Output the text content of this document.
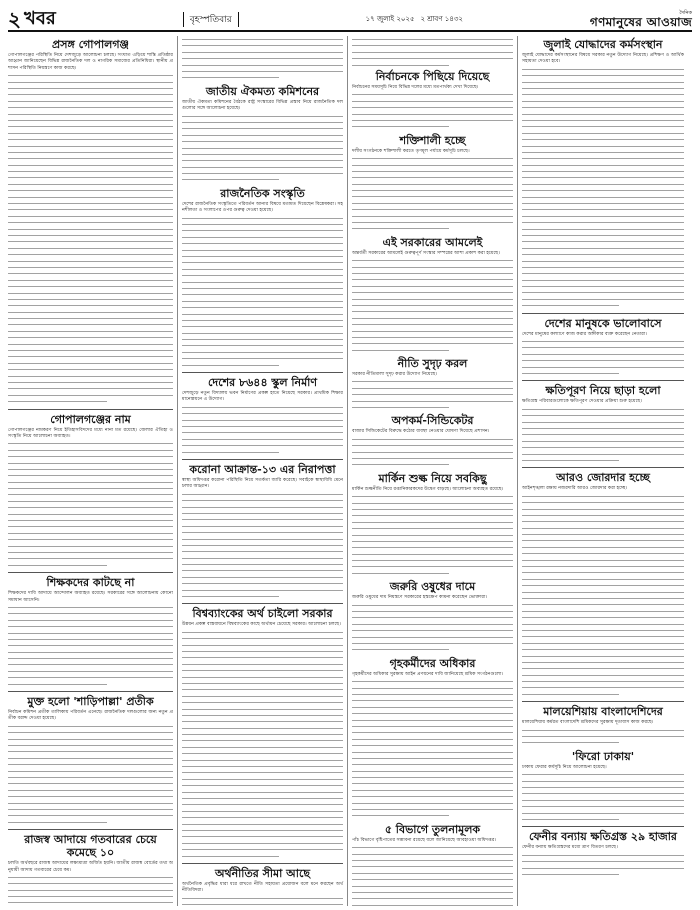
২ খবর	বৃহস্পতিবার	১৭ জুলাই ২০২৫ ২ শ্রাবণ ১৪৩২
দৈনিক
গণমানুষের আওয়াজ
প্রসঙ্গ গোপালগঞ্জ
গোপালগঞ্জের পরিস্থিতি নিয়ে দেশজুড়ে আলোচনা চলছে। সংঘাত এড়িয়ে শান্তি প্রতিষ্ঠার আহ্বান জানিয়েছেন বিভিন্ন রাজনৈতিক দল ও নাগরিক সমাজের প্রতিনিধিরা। স্থানীয় প্রশাসন পরিস্থিতি নিয়ন্ত্রণে কাজ করছে।
গোপালগঞ্জের নাম
গোপালগঞ্জের নামকরণ নিয়ে ইতিহাসবিদদের মধ্যে নানা মত রয়েছে। জেলার ঐতিহ্য ও সংস্কৃতি নিয়ে আলোচনা অব্যাহত।
শিক্ষকদের কাটছে না
শিক্ষকদের দাবি আদায়ে আন্দোলন অব্যাহত রয়েছে। সরকারের সঙ্গে আলোচনায় কোনো সমাধান আসেনি।
মুক্ত হলো 'শাড়িপাল্লা' প্রতীক
নির্বাচন কমিশন প্রতীক তালিকায় পরিবর্তন এনেছে। রাজনৈতিক দলগুলোর জন্য নতুন প্রতীক বরাদ্দ দেওয়া হয়েছে।
রাজস্ব আদায়ে গতবারের চেয়ে কমেছে ১০
চলতি অর্থবছরে রাজস্ব আদায়ের লক্ষ্যমাত্রা অর্জিত হয়নি। জাতীয় রাজস্ব বোর্ডের তথ্য অনুযায়ী আদায় গতবারের চেয়ে কম।
জাতীয় ঐকমত্য কমিশনের
জাতীয় ঐকমত্য কমিশনের বৈঠকে রাষ্ট্র সংস্কারের বিভিন্ন প্রস্তাব নিয়ে রাজনৈতিক দলগুলোর সঙ্গে আলোচনা হয়েছে।
রাজনৈতিক সংস্কৃতি
দেশের রাজনৈতিক সংস্কৃতিতে পরিবর্তন আনার বিষয়ে মতামত দিয়েছেন বিশ্লেষকরা। সহনশীলতা ও সংলাপের ওপর গুরুত্ব দেওয়া হয়েছে।
দেশের ৮৬৪৪ স্কুল নির্মাণ
দেশজুড়ে নতুন বিদ্যালয় ভবন নির্মাণের প্রকল্প হাতে নিয়েছে সরকার। প্রাথমিক শিক্ষার মানোন্নয়নে এ উদ্যোগ।
করোনা আক্রান্ত-১৩ এর নিরাপত্তা
স্বাস্থ্য অধিদপ্তর করোনা পরিস্থিতি নিয়ে সতর্কতা জারি করেছে। সবাইকে স্বাস্থ্যবিধি মেনে চলার আহ্বান।
বিশ্বব্যাংকের অর্থ চাইলো সরকার
উন্নয়ন প্রকল্প বাস্তবায়নে বিশ্বব্যাংকের কাছে অর্থায়ন চেয়েছে সরকার। আলোচনা চলছে।
অর্থনীতির সীমা আছে
অর্থনৈতিক প্রবৃদ্ধির ধারা ধরে রাখতে নীতি সহায়তা প্রয়োজন বলে মনে করছেন অর্থনীতিবিদরা।
নির্বাচনকে পিছিয়ে দিয়েছে
নির্বাচনের সময়সূচি নিয়ে বিভিন্ন দলের মধ্যে মতপার্থক্য দেখা দিয়েছে।
শক্তিশালী হচ্ছে
দলীয় সংগঠনকে শক্তিশালী করতে তৃণমূল পর্যায়ে কর্মসূচি চলছে।
এই সরকারের আমলেই
অন্তর্বর্তী সরকারের আমলেই গুরুত্বপূর্ণ সংস্কার সম্পন্নের আশা প্রকাশ করা হয়েছে।
নীতি সুদৃঢ় করল
সরকার নীতিমালা সুদৃঢ় করার উদ্যোগ নিয়েছে।
অপকর্ম-সিন্ডিকেটর
বাজার সিন্ডিকেটের বিরুদ্ধে কঠোর ব্যবস্থা নেওয়ার ঘোষণা দিয়েছে প্রশাসন।
মার্কিন শুল্ক নিয়ে সবকিছু
মার্কিন শুল্কনীতি নিয়ে রপ্তানিকারকদের উদ্বেগ বাড়ছে। আলোচনা অব্যাহত রয়েছে।
জরুরি ওষুধের দামে
জরুরি ওষুধের দাম নিয়ন্ত্রণে সরকারের হস্তক্ষেপ কামনা করেছেন ভোক্তারা।
গৃহকর্মীদের অধিকার
গৃহকর্মীদের অধিকার সুরক্ষায় আইন প্রণয়নের দাবি জানিয়েছে শ্রমিক সংগঠনগুলো।
৫ বিভাগে তুলনামূলক
পাঁচ বিভাগে বৃষ্টিপাতের সম্ভাবনা রয়েছে বলে জানিয়েছে আবহাওয়া অধিদপ্তর।
জুলাই যোদ্ধাদের কর্মসংস্থান
জুলাই যোদ্ধাদের কর্মসংস্থানের বিষয়ে সরকার নতুন উদ্যোগ নিয়েছে। প্রশিক্ষণ ও আর্থিক সহায়তা দেওয়া হবে।
দেশের মানুষকে ভালোবাসে
দেশের মানুষের কল্যাণে কাজ করার অঙ্গীকার ব্যক্ত করেছেন নেতারা।
ক্ষতিপূরণ নিয়ে ছাড়া হলো
ক্ষতিগ্রস্ত পরিবারগুলোকে ক্ষতিপূরণ দেওয়ার প্রক্রিয়া শুরু হয়েছে।
আরও জোরদার হচ্ছে
আইনশৃঙ্খলা রক্ষায় নজরদারি আরও জোরদার করা হচ্ছে।
মালয়েশিয়ায় বাংলাদেশিদের
মালয়েশিয়ায় কর্মরত বাংলাদেশি শ্রমিকদের সুরক্ষায় দূতাবাস কাজ করছে।
'ফিরো ঢাকায়'
ঢাকায় ফেরার কর্মসূচি নিয়ে আলোচনা হয়েছে।
ফেনীর বন্যায় ক্ষতিগ্রস্ত ২৯ হাজার
ফেনীর বন্যায় ক্ষতিগ্রস্তদের মধ্যে ত্রাণ বিতরণ চলছে।
